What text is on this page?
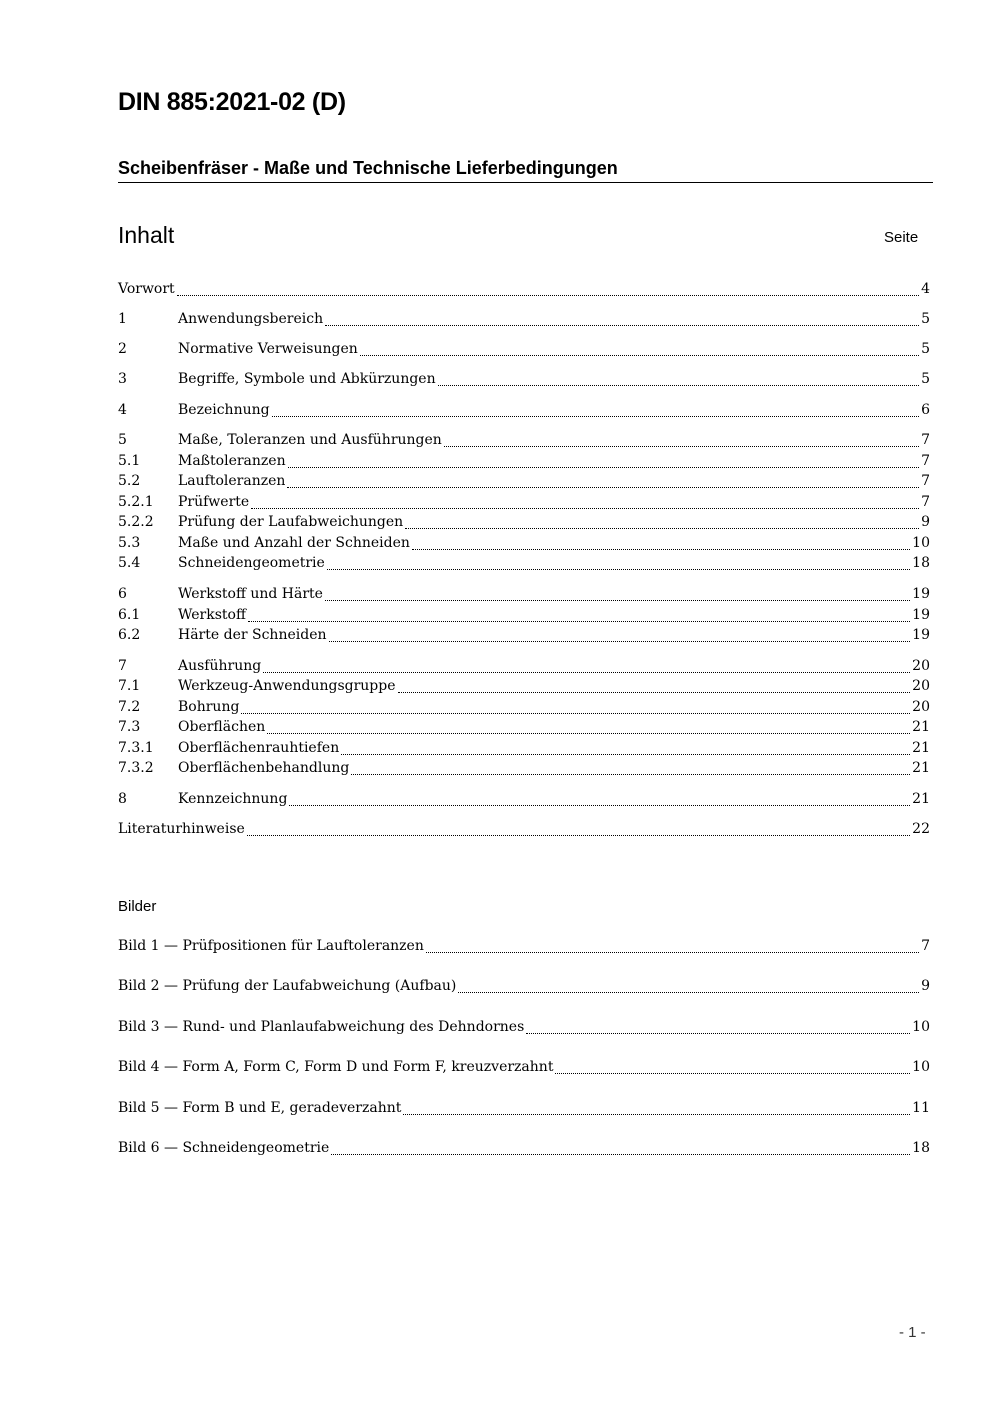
DIN 885:2021-02 (D)
Scheibenfräser - Maße und Technische Lieferbedingungen
Inhalt	Seite
Vorwort	4
1	Anwendungsbereich	5
2	Normative Verweisungen	5
3	Begriffe, Symbole und Abkürzungen	5
4	Bezeichnung	6
5	Maße, Toleranzen und Ausführungen	7
5.1	Maßtoleranzen	7
5.2	Lauftoleranzen	7
5.2.1	Prüfwerte	7
5.2.2	Prüfung der Laufabweichungen	9
5.3	Maße und Anzahl der Schneiden	10
5.4	Schneidengeometrie	18
6	Werkstoff und Härte	19
6.1	Werkstoff	19
6.2	Härte der Schneiden	19
7	Ausführung	20
7.1	Werkzeug-Anwendungsgruppe	20
7.2	Bohrung	20
7.3	Oberflächen	21
7.3.1	Oberflächenrauhtiefen	21
7.3.2	Oberflächenbehandlung	21
8	Kennzeichnung	21
Literaturhinweise	22
Bilder
Bild 1 — Prüfpositionen für Lauftoleranzen	7
Bild 2 — Prüfung der Laufabweichung (Aufbau)	9
Bild 3 — Rund- und Planlaufabweichung des Dehndornes	10
Bild 4 — Form A, Form C, Form D und Form F, kreuzverzahnt	10
Bild 5 — Form B und E, geradeverzahnt	11
Bild 6 — Schneidengeometrie	18
- 1 -
